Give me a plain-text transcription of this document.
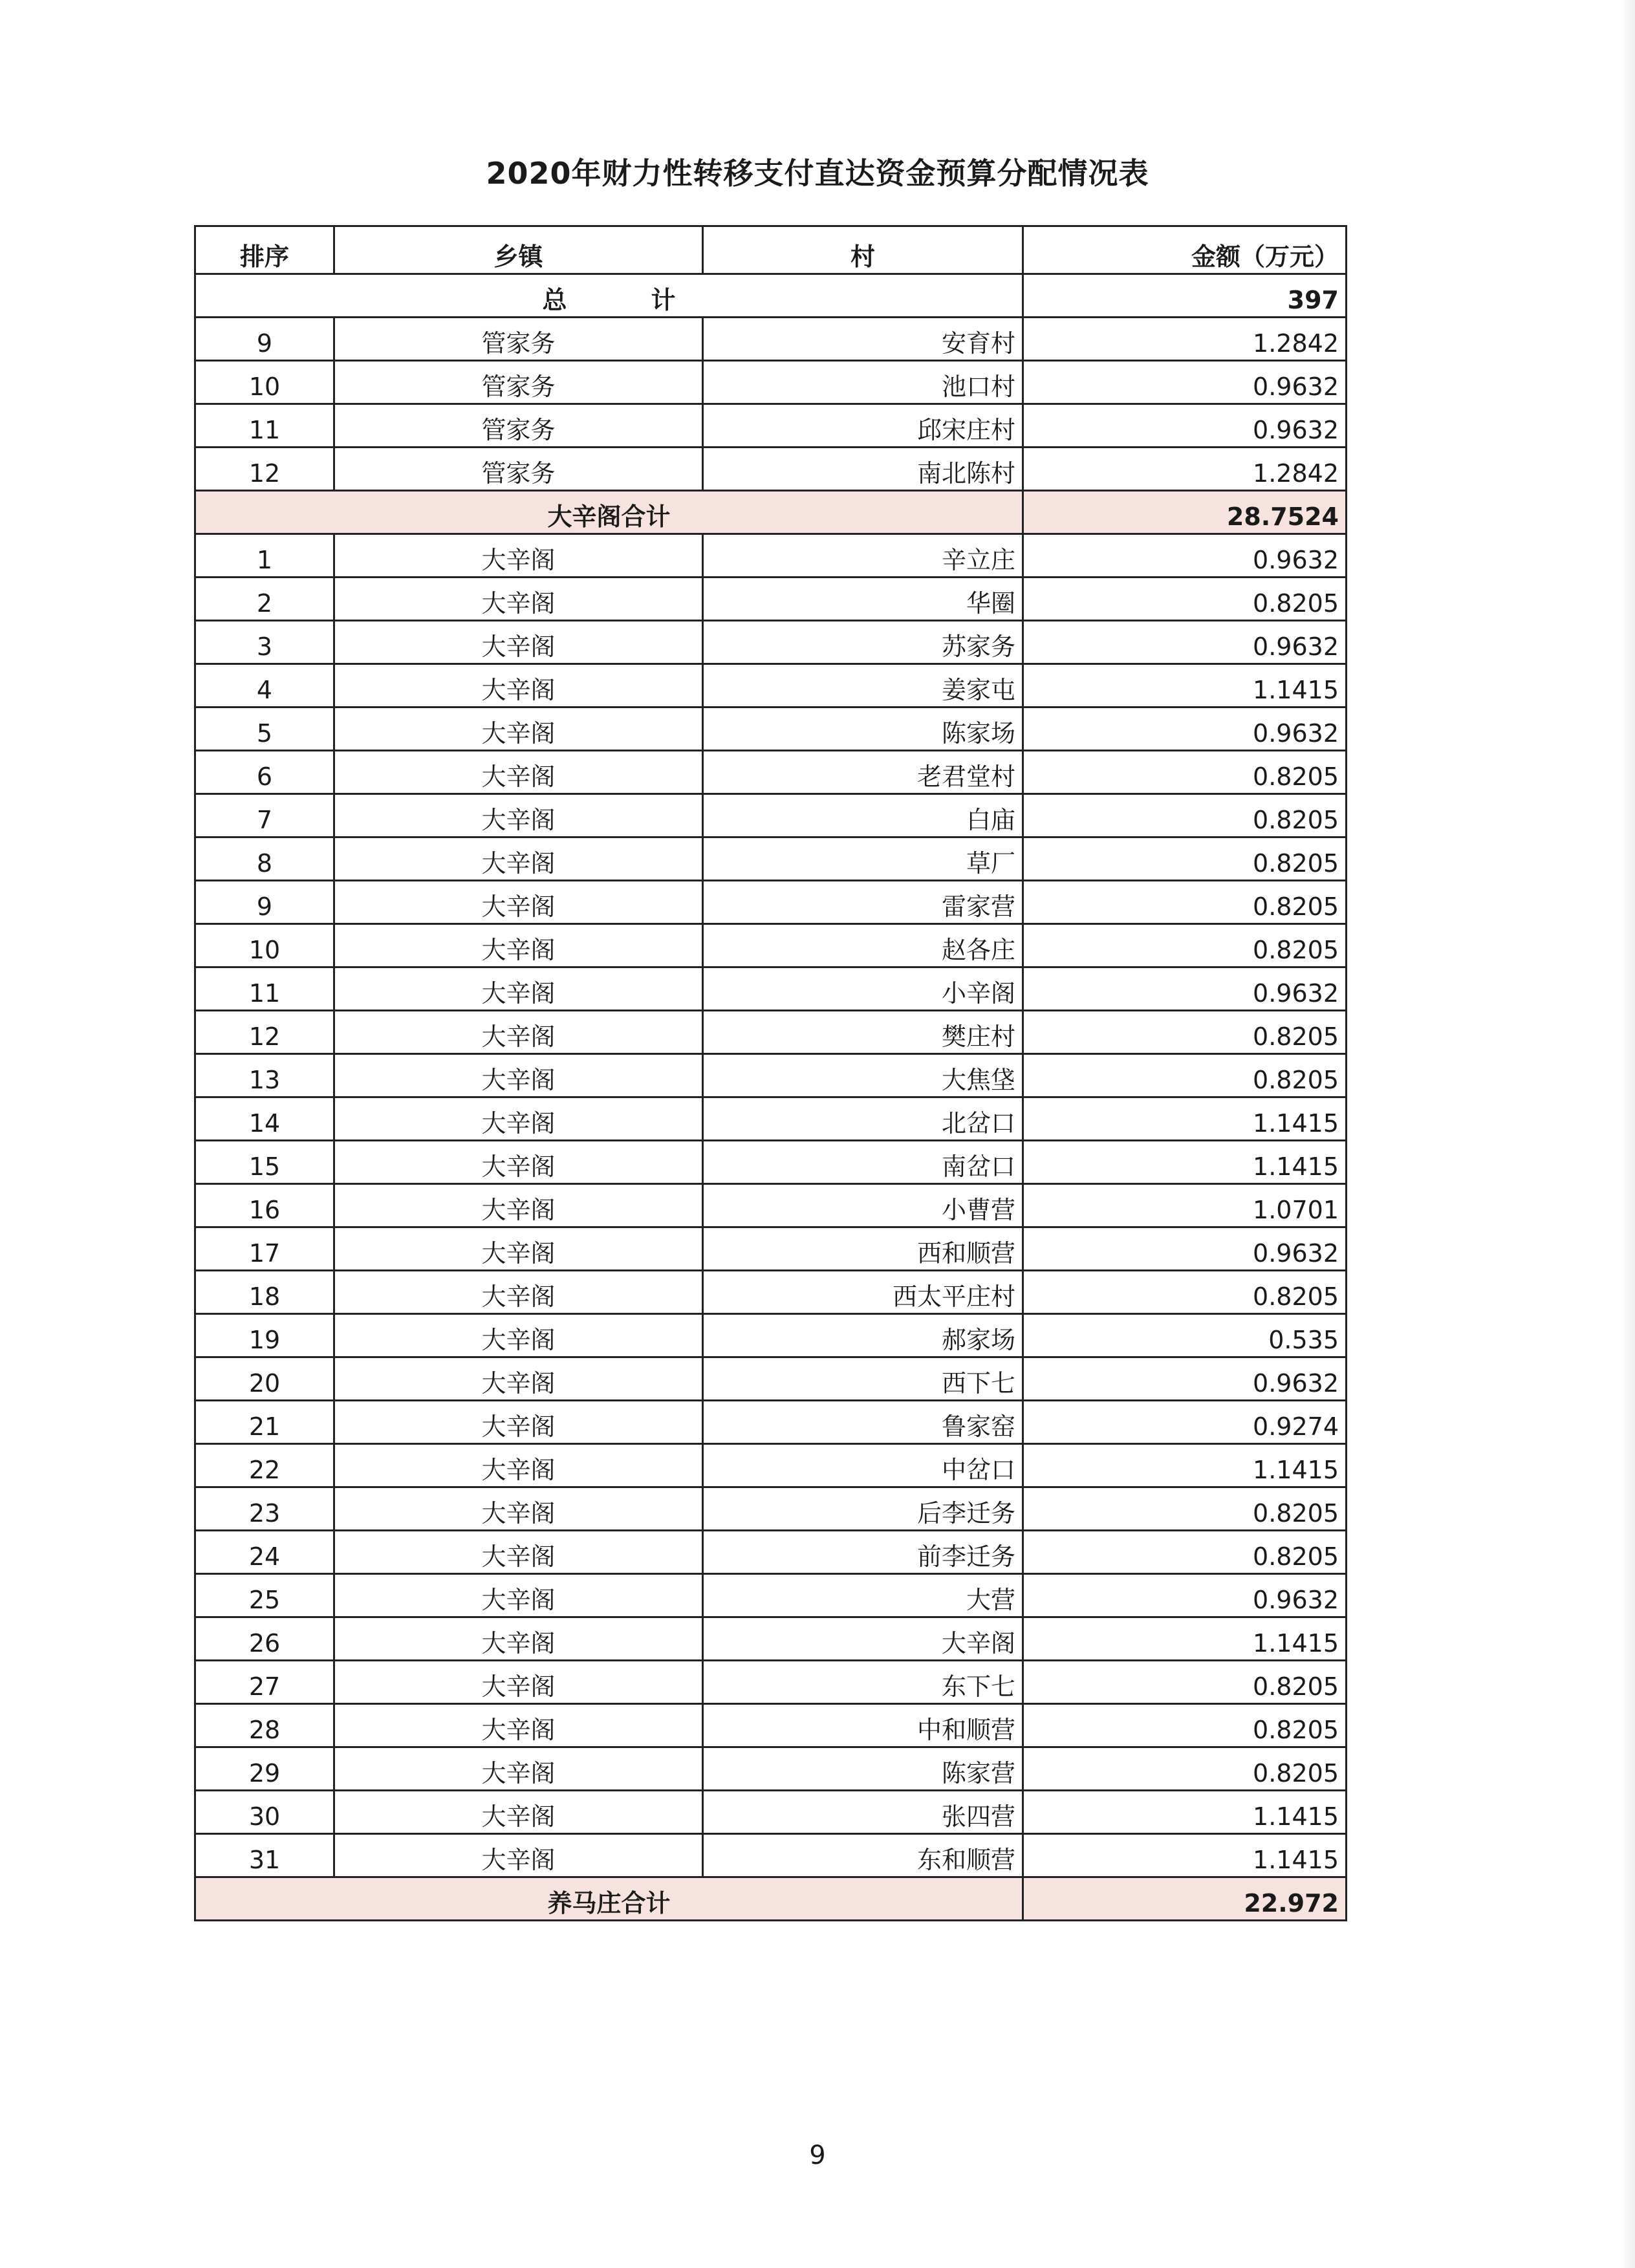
2020年财力性转移支付直达资金预算分配情况表
排序	乡镇	村	金额（万元）
总 计			397
9	管家务	安育村	1.2842
10	管家务	池口村	0.9632
11	管家务	邱宋庄村	0.9632
12	管家务	南北陈村	1.2842
大辛阁合计			28.7524
1	大辛阁	辛立庄	0.9632
2	大辛阁	华圈	0.8205
3	大辛阁	苏家务	0.9632
4	大辛阁	姜家屯	1.1415
5	大辛阁	陈家场	0.9632
6	大辛阁	老君堂村	0.8205
7	大辛阁	白庙	0.8205
8	大辛阁	草厂	0.8205
9	大辛阁	雷家营	0.8205
10	大辛阁	赵各庄	0.8205
11	大辛阁	小辛阁	0.9632
12	大辛阁	樊庄村	0.8205
13	大辛阁	大焦垡	0.8205
14	大辛阁	北岔口	1.1415
15	大辛阁	南岔口	1.1415
16	大辛阁	小曹营	1.0701
17	大辛阁	西和顺营	0.9632
18	大辛阁	西太平庄村	0.8205
19	大辛阁	郝家场	0.535
20	大辛阁	西下七	0.9632
21	大辛阁	鲁家窑	0.9274
22	大辛阁	中岔口	1.1415
23	大辛阁	后李迁务	0.8205
24	大辛阁	前李迁务	0.8205
25	大辛阁	大营	0.9632
26	大辛阁	大辛阁	1.1415
27	大辛阁	东下七	0.8205
28	大辛阁	中和顺营	0.8205
29	大辛阁	陈家营	0.8205
30	大辛阁	张四营	1.1415
31	大辛阁	东和顺营	1.1415
养马庄合计			22.972
9
